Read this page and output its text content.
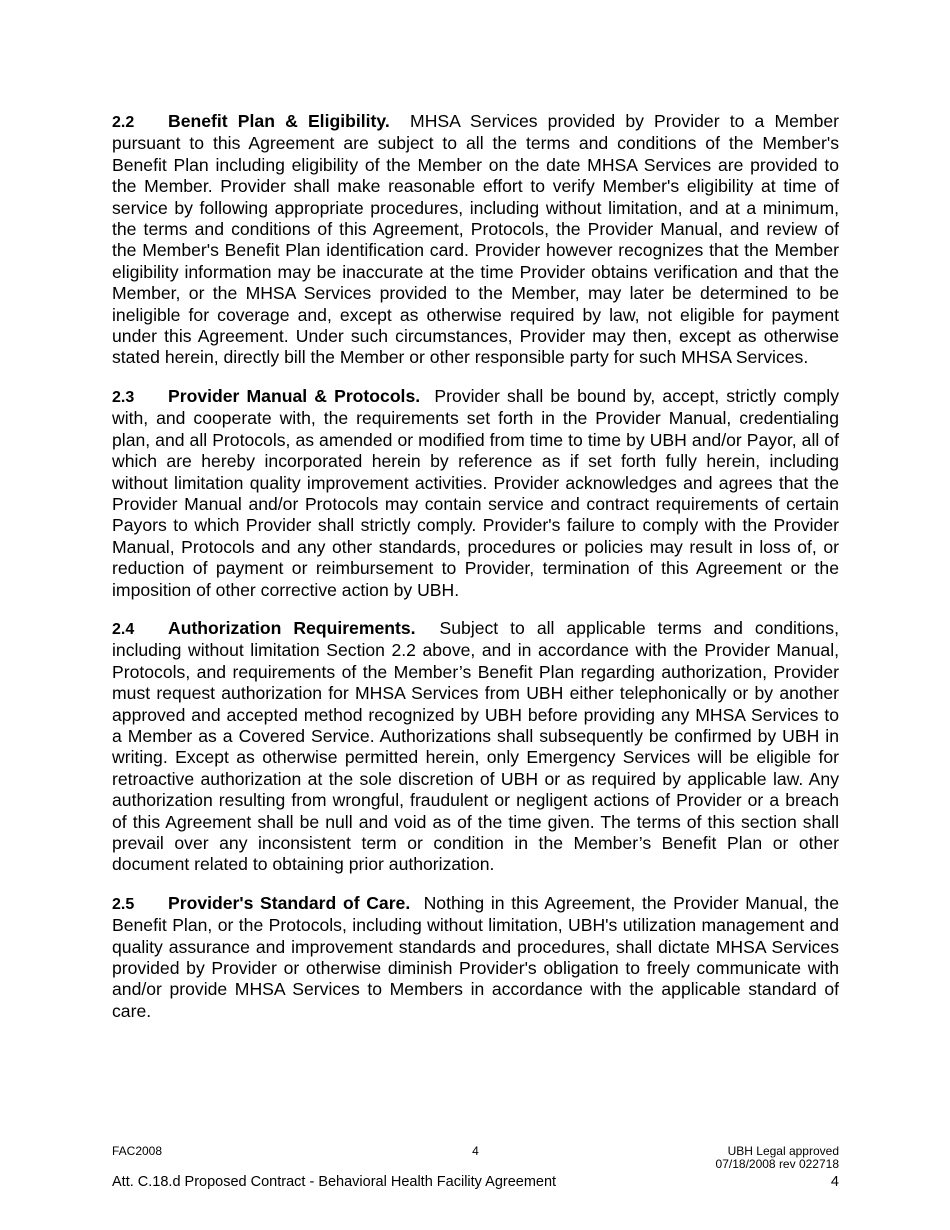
2.2 Benefit Plan & Eligibility. MHSA Services provided by Provider to a Member pursuant to this Agreement are subject to all the terms and conditions of the Member's Benefit Plan including eligibility of the Member on the date MHSA Services are provided to the Member. Provider shall make reasonable effort to verify Member's eligibility at time of service by following appropriate procedures, including without limitation, and at a minimum, the terms and conditions of this Agreement, Protocols, the Provider Manual, and review of the Member's Benefit Plan identification card. Provider however recognizes that the Member eligibility information may be inaccurate at the time Provider obtains verification and that the Member, or the MHSA Services provided to the Member, may later be determined to be ineligible for coverage and, except as otherwise required by law, not eligible for payment under this Agreement. Under such circumstances, Provider may then, except as otherwise stated herein, directly bill the Member or other responsible party for such MHSA Services.

2.3 Provider Manual & Protocols. Provider shall be bound by, accept, strictly comply with, and cooperate with, the requirements set forth in the Provider Manual, credentialing plan, and all Protocols, as amended or modified from time to time by UBH and/or Payor, all of which are hereby incorporated herein by reference as if set forth fully herein, including without limitation quality improvement activities. Provider acknowledges and agrees that the Provider Manual and/or Protocols may contain service and contract requirements of certain Payors to which Provider shall strictly comply. Provider's failure to comply with the Provider Manual, Protocols and any other standards, procedures or policies may result in loss of, or reduction of payment or reimbursement to Provider, termination of this Agreement or the imposition of other corrective action by UBH.

2.4 Authorization Requirements. Subject to all applicable terms and conditions, including without limitation Section 2.2 above, and in accordance with the Provider Manual, Protocols, and requirements of the Member’s Benefit Plan regarding authorization, Provider must request authorization for MHSA Services from UBH either telephonically or by another approved and accepted method recognized by UBH before providing any MHSA Services to a Member as a Covered Service. Authorizations shall subsequently be confirmed by UBH in writing. Except as otherwise permitted herein, only Emergency Services will be eligible for retroactive authorization at the sole discretion of UBH or as required by applicable law. Any authorization resulting from wrongful, fraudulent or negligent actions of Provider or a breach of this Agreement shall be null and void as of the time given. The terms of this section shall prevail over any inconsistent term or condition in the Member’s Benefit Plan or other document related to obtaining prior authorization.

2.5 Provider's Standard of Care. Nothing in this Agreement, the Provider Manual, the Benefit Plan, or the Protocols, including without limitation, UBH's utilization management and quality assurance and improvement standards and procedures, shall dictate MHSA Services provided by Provider or otherwise diminish Provider's obligation to freely communicate with and/or provide MHSA Services to Members in accordance with the applicable standard of care.

FAC2008	4	UBH Legal approved
07/18/2008 rev 022718
Att. C.18.d Proposed Contract - Behavioral Health Facility Agreement	4
